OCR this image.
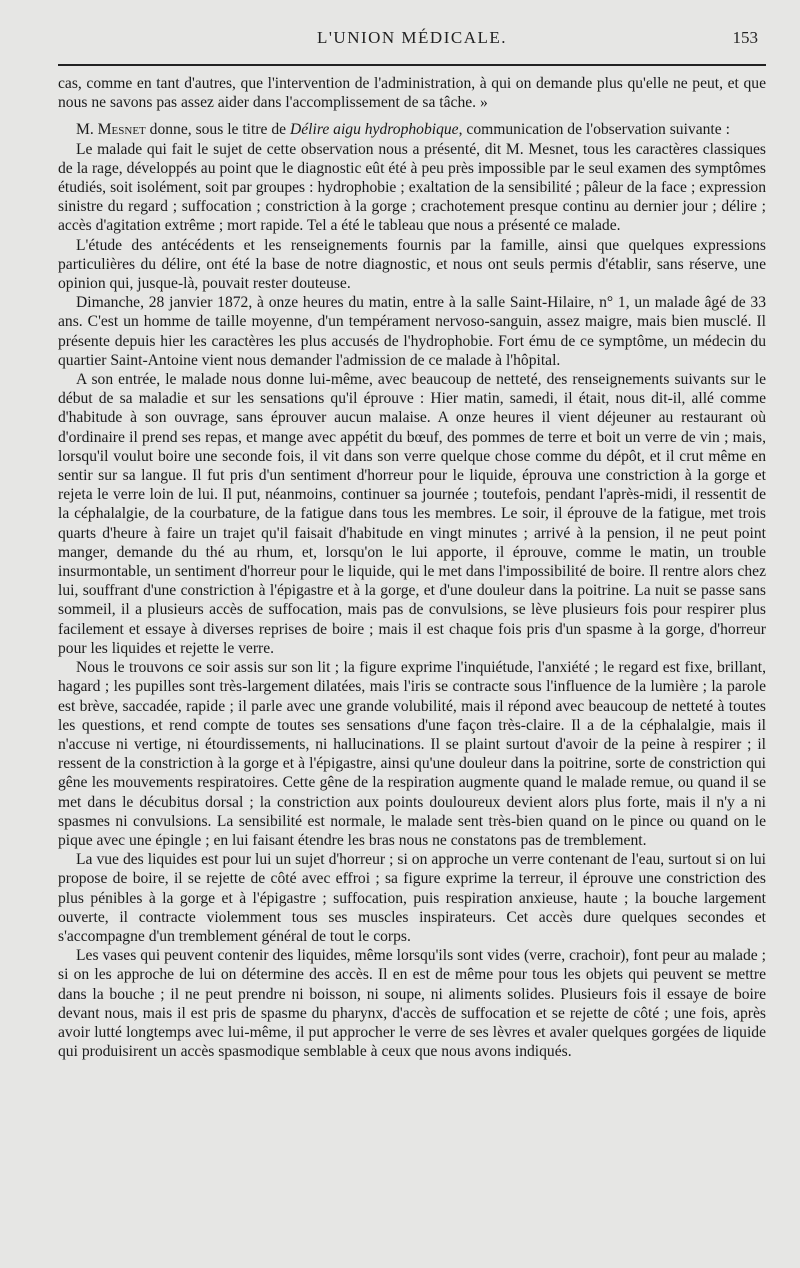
L'UNION MÉDICALE.	153

cas, comme en tant d'autres, que l'intervention de l'administration, à qui on demande plus qu'elle ne peut, et que nous ne savons pas assez aider dans l'accomplissement de sa tâche. »

M. Mesnet donne, sous le titre de Délire aigu hydrophobique, communication de l'observation suivante :

Le malade qui fait le sujet de cette observation nous a présenté, dit M. Mesnet, tous les caractères classiques de la rage, développés au point que le diagnostic eût été à peu près impossible par le seul examen des symptômes étudiés, soit isolément, soit par groupes : hydrophobie ; exaltation de la sensibilité ; pâleur de la face ; expression sinistre du regard ; suffocation ; constriction à la gorge ; crachotement presque continu au dernier jour ; délire ; accès d'agitation extrême ; mort rapide. Tel a été le tableau que nous a présenté ce malade.

L'étude des antécédents et les renseignements fournis par la famille, ainsi que quelques expressions particulières du délire, ont été la base de notre diagnostic, et nous ont seuls permis d'établir, sans réserve, une opinion qui, jusque-là, pouvait rester douteuse.

Dimanche, 28 janvier 1872, à onze heures du matin, entre à la salle Saint-Hilaire, n° 1, un malade âgé de 33 ans. C'est un homme de taille moyenne, d'un tempérament nervoso-sanguin, assez maigre, mais bien musclé. Il présente depuis hier les caractères les plus accusés de l'hydrophobie. Fort ému de ce symptôme, un médecin du quartier Saint-Antoine vient nous demander l'admission de ce malade à l'hôpital.

A son entrée, le malade nous donne lui-même, avec beaucoup de netteté, des renseignements suivants sur le début de sa maladie et sur les sensations qu'il éprouve : Hier matin, samedi, il était, nous dit-il, allé comme d'habitude à son ouvrage, sans éprouver aucun malaise. A onze heures il vient déjeuner au restaurant où d'ordinaire il prend ses repas, et mange avec appétit du bœuf, des pommes de terre et boit un verre de vin ; mais, lorsqu'il voulut boire une seconde fois, il vit dans son verre quelque chose comme du dépôt, et il crut même en sentir sur sa langue. Il fut pris d'un sentiment d'horreur pour le liquide, éprouva une constriction à la gorge et rejeta le verre loin de lui. Il put, néanmoins, continuer sa journée ; toutefois, pendant l'après-midi, il ressentit de la céphalalgie, de la courbature, de la fatigue dans tous les membres. Le soir, il éprouve de la fatigue, met trois quarts d'heure à faire un trajet qu'il faisait d'habitude en vingt minutes ; arrivé à la pension, il ne peut point manger, demande du thé au rhum, et, lorsqu'on le lui apporte, il éprouve, comme le matin, un trouble insurmontable, un sentiment d'horreur pour le liquide, qui le met dans l'impossibilité de boire. Il rentre alors chez lui, souffrant d'une constriction à l'épigastre et à la gorge, et d'une douleur dans la poitrine. La nuit se passe sans sommeil, il a plusieurs accès de suffocation, mais pas de convulsions, se lève plusieurs fois pour respirer plus facilement et essaye à diverses reprises de boire ; mais il est chaque fois pris d'un spasme à la gorge, d'horreur pour les liquides et rejette le verre.

Nous le trouvons ce soir assis sur son lit ; la figure exprime l'inquiétude, l'anxiété ; le regard est fixe, brillant, hagard ; les pupilles sont très-largement dilatées, mais l'iris se contracte sous l'influence de la lumière ; la parole est brève, saccadée, rapide ; il parle avec une grande volubilité, mais il répond avec beaucoup de netteté à toutes les questions, et rend compte de toutes ses sensations d'une façon très-claire. Il a de la céphalalgie, mais il n'accuse ni vertige, ni étourdissements, ni hallucinations. Il se plaint surtout d'avoir de la peine à respirer ; il ressent de la constriction à la gorge et à l'épigastre, ainsi qu'une douleur dans la poitrine, sorte de constriction qui gêne les mouvements respiratoires. Cette gêne de la respiration augmente quand le malade remue, ou quand il se met dans le décubitus dorsal ; la constriction aux points douloureux devient alors plus forte, mais il n'y a ni spasmes ni convulsions. La sensibilité est normale, le malade sent très-bien quand on le pince ou quand on le pique avec une épingle ; en lui faisant étendre les bras nous ne constatons pas de tremblement.

La vue des liquides est pour lui un sujet d'horreur ; si on approche un verre contenant de l'eau, surtout si on lui propose de boire, il se rejette de côté avec effroi ; sa figure exprime la terreur, il éprouve une constriction des plus pénibles à la gorge et à l'épigastre ; suffocation, puis respiration anxieuse, haute ; la bouche largement ouverte, il contracte violemment tous ses muscles inspirateurs. Cet accès dure quelques secondes et s'accompagne d'un tremblement général de tout le corps.

Les vases qui peuvent contenir des liquides, même lorsqu'ils sont vides (verre, crachoir), font peur au malade ; si on les approche de lui on détermine des accès. Il en est de même pour tous les objets qui peuvent se mettre dans la bouche ; il ne peut prendre ni boisson, ni soupe, ni aliments solides. Plusieurs fois il essaye de boire devant nous, mais il est pris de spasme du pharynx, d'accès de suffocation et se rejette de côté ; une fois, après avoir lutté longtemps avec lui-même, il put approcher le verre de ses lèvres et avaler quelques gorgées de liquide qui produisirent un accès spasmodique semblable à ceux que nous avons indiqués.
